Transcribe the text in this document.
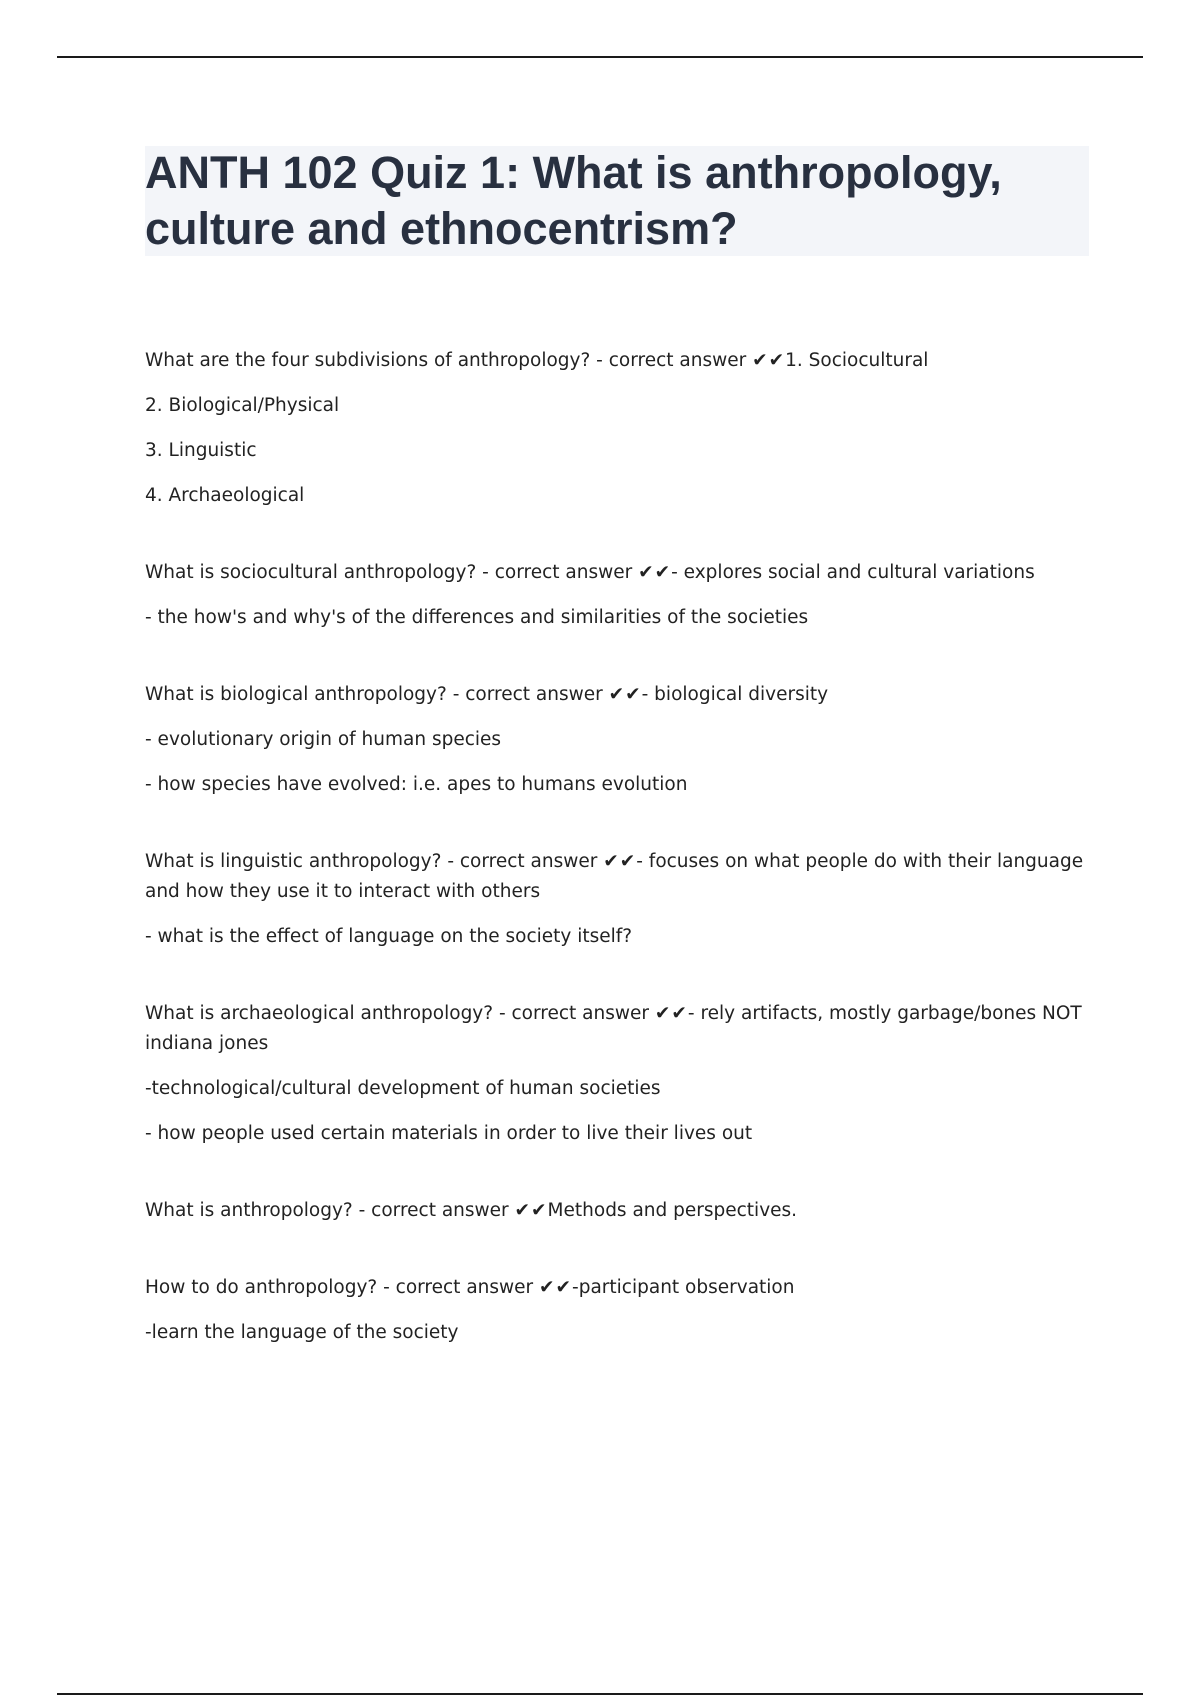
ANTH 102 Quiz 1: What is anthropology,
culture and ethnocentrism?

What are the four subdivisions of anthropology? - correct answer ✔✔1. Sociocultural

2. Biological/Physical

3. Linguistic

4. Archaeological

What is sociocultural anthropology? - correct answer ✔✔- explores social and cultural variations

- the how's and why's of the differences and similarities of the societies

What is biological anthropology? - correct answer ✔✔- biological diversity

- evolutionary origin of human species

- how species have evolved: i.e. apes to humans evolution

What is linguistic anthropology? - correct answer ✔✔- focuses on what people do with their language and how they use it to interact with others

- what is the effect of language on the society itself?

What is archaeological anthropology? - correct answer ✔✔- rely artifacts, mostly garbage/bones NOT indiana jones

-technological/cultural development of human societies

- how people used certain materials in order to live their lives out

What is anthropology? - correct answer ✔✔Methods and perspectives.

How to do anthropology? - correct answer ✔✔-participant observation

-learn the language of the society
